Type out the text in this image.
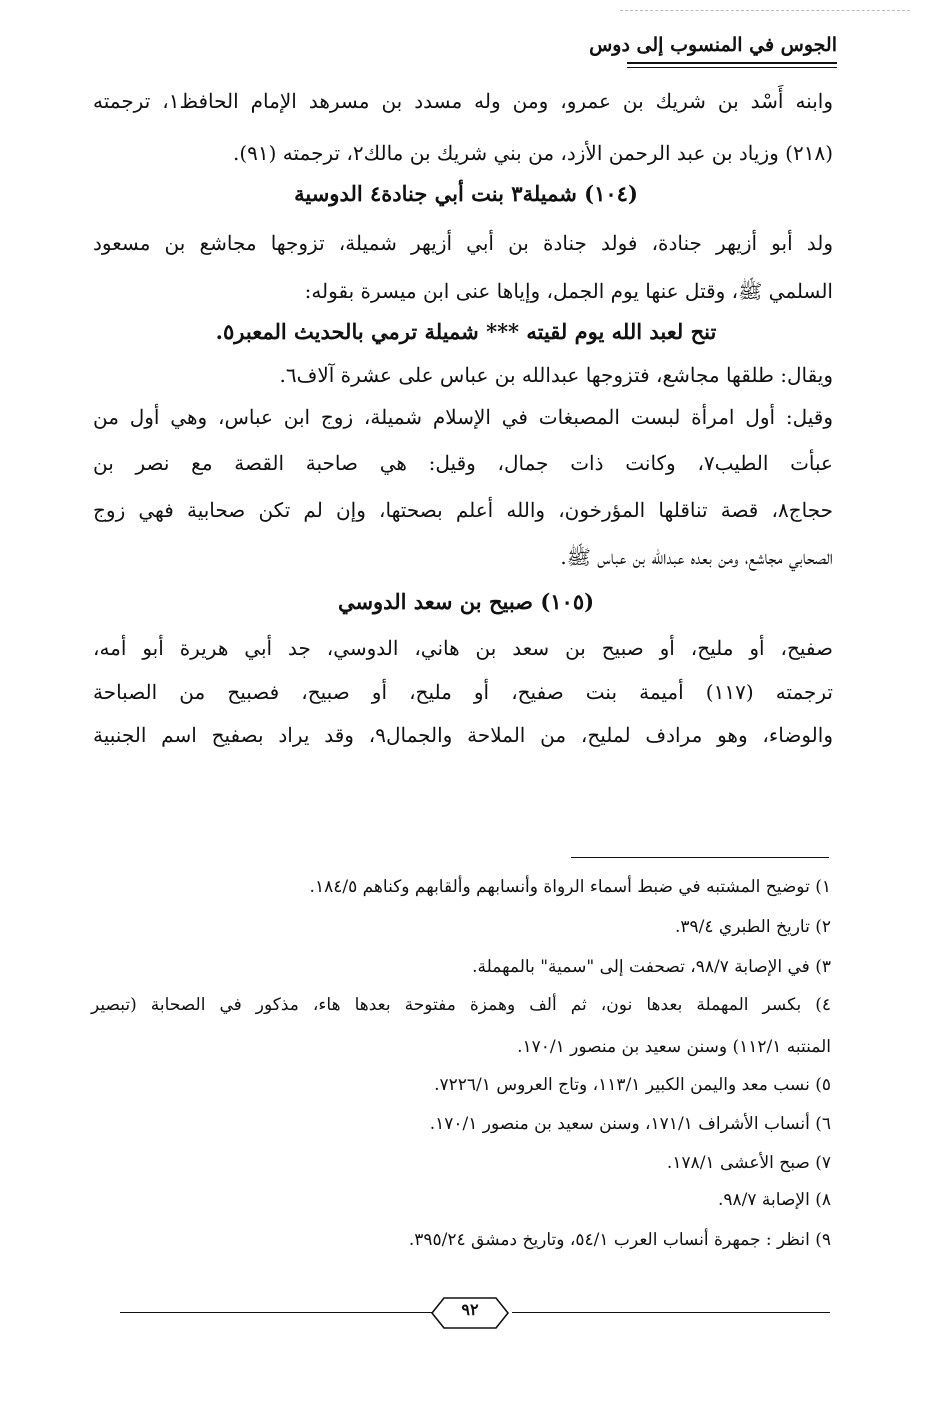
الجوس في المنسوب إلى دوس
وابنه أَسْد بن شريك بن عمرو، ومن وله مسدد بن مسرهد الإمام الحافظ١، ترجمته
(٢١٨) وزياد بن عبد الرحمن الأزد، من بني شريك بن مالك٢، ترجمته (٩١).
(١٠٤) شميلة٣ بنت أبي جنادة٤ الدوسية
ولد أبو أزيهر جنادة، فولد جنادة بن أبي أزيهر شميلة، تزوجها مجاشع بن مسعود
السلمي ﷺ، وقتل عنها يوم الجمل، وإياها عنى ابن ميسرة بقوله:
تنح لعبد الله يوم لقيته *** شميلة ترمي بالحديث المعبر٥.
ويقال: طلقها مجاشع، فتزوجها عبدالله بن عباس على عشرة آلاف٦.
وقيل: أول امرأة لبست المصبغات في الإسلام شميلة، زوج ابن عباس، وهي أول من
عبأت الطيب٧، وكانت ذات جمال، وقيل: هي صاحبة القصة مع نصر بن
حجاج٨، قصة تناقلها المؤرخون، والله أعلم بصحتها، وإن لم تكن صحابية فهي زوج
الصحابي مجاشع، ومن بعده عبدالله بن عباس ﷺ.
(١٠٥) صبيح بن سعد الدوسي
صفيح، أو مليح، أو صبيح بن سعد بن هاني، الدوسي، جد أبي هريرة أبو أمه،
ترجمته (١١٧) أميمة بنت صفيح، أو مليح، أو صبيح، فصبيح من الصباحة
والوضاء، وهو مرادف لمليح، من الملاحة والجمال٩، وقد يراد بصفيح اسم الجنبية
١) توضيح المشتبه في ضبط أسماء الرواة وأنسابهم وألقابهم وكناهم ١٨٤/٥.
٢) تاريخ الطبري ٣٩/٤.
٣) في الإصابة ٩٨/٧، تصحفت إلى "سمية" بالمهملة.
٤) بكسر المهملة بعدها نون، ثم ألف وهمزة مفتوحة بعدها هاء، مذكور في الصحابة (تبصير
المنتبه ١١٢/١) وسنن سعيد بن منصور ١٧٠/١.
٥) نسب معد واليمن الكبير ١١٣/١، وتاج العروس ٧٢٢٦/١.
٦) أنساب الأشراف ١٧١/١، وسنن سعيد بن منصور ١٧٠/١.
٧) صبح الأعشى ١٧٨/١.
٨) الإصابة ٩٨/٧.
٩) انظر : جمهرة أنساب العرب ٥٤/١، وتاريخ دمشق ٣٩٥/٢٤.
٩٢
